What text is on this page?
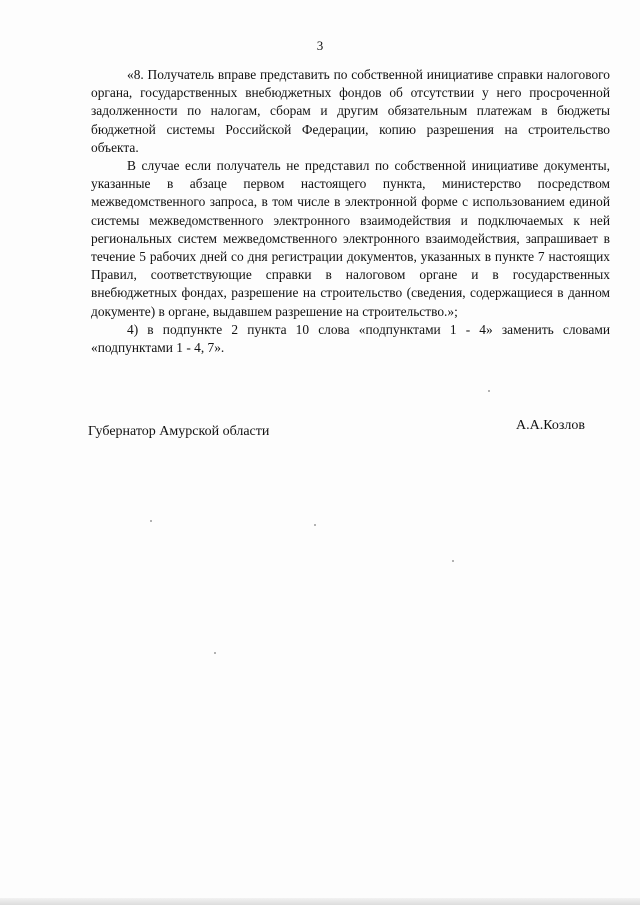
3

«8. Получатель вправе представить по собственной инициативе справки налогового органа, государственных внебюджетных фондов об отсутствии у него просроченной задолженности по налогам, сборам и другим обязательным платежам в бюджеты бюджетной системы Российской Федерации, копию разрешения на строительство объекта.

В случае если получатель не представил по собственной инициативе документы, указанные в абзаце первом настоящего пункта, министерство посредством межведомственного запроса, в том числе в электронной форме с использованием единой системы межведомственного электронного взаимодействия и подключаемых к ней региональных систем межведомственного электронного взаимодействия, запрашивает в течение 5 рабочих дней со дня регистрации документов, указанных в пункте 7 настоящих Правил, соответствующие справки в налоговом органе и в государственных внебюджетных фондах, разрешение на строительство (сведения, содержащиеся в данном документе) в органе, выдавшем разрешение на строительство.»;

4) в подпункте 2 пункта 10 слова «подпунктами 1 - 4» заменить словами «подпунктами 1 - 4, 7».

Губернатор Амурской области	А.А.Козлов
